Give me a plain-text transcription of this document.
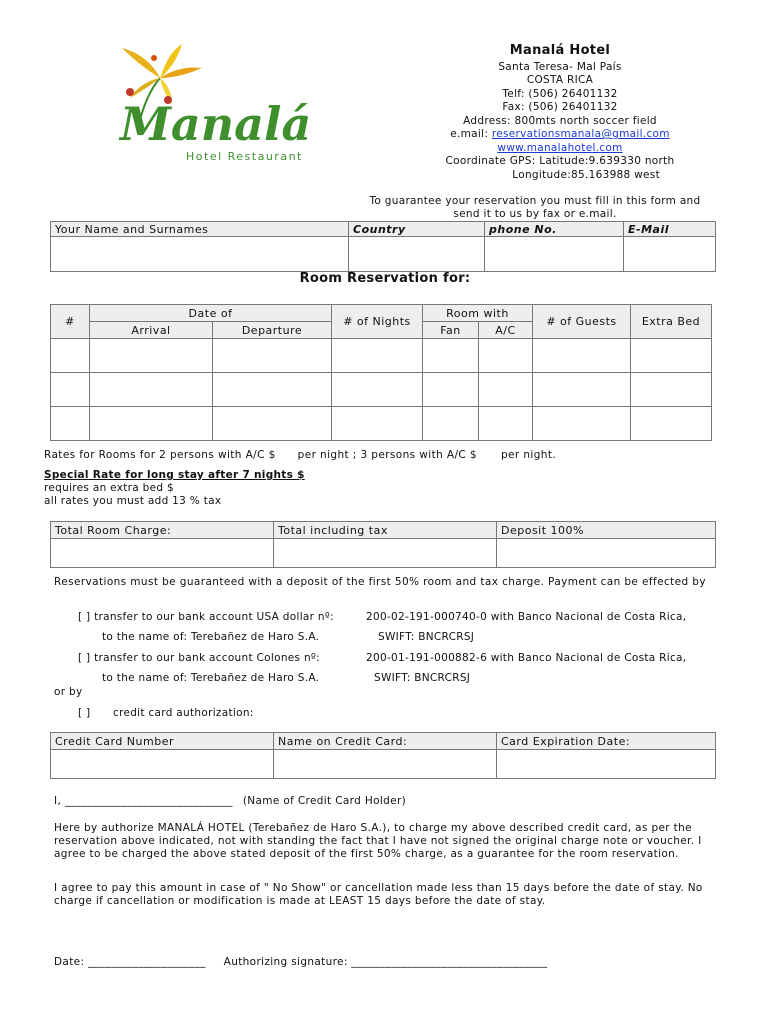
Manalá
Hotel Restaurant
Manalá Hotel
Santa Teresa- Mal País
COSTA RICA
Telf: (506) 26401132
Fax: (506) 26401132
Address: 800mts north soccer field
e.mail: reservationsmanala@gmail.com
www.manalahotel.com
Coordinate GPS: Latitude:9.639330 north
Longitude:85.163988 west
To guarantee your reservation you must fill in this form and
send it to us by fax or e.mail.
Your Name and Surnames	Country	phone No.	E-Mail

Room Reservation for:
#	Date of		# of Nights	Room with		# of Guests	Extra Bed
	Arrival	Departure		Fan	A/C		

Rates for Rooms for 2 persons with A/C $ per night ; 3 persons with A/C $ per night.
Special Rate for long stay after 7 nights $
requires an extra bed $
all rates you must add 13 % tax
Total Room Charge:	Total including tax	Deposit 100%

Reservations must be guaranteed with a deposit of the first 50% room and tax charge. Payment can be effected by
[ ] transfer to our bank account USA dollar nº:	200-02-191-000740-0 with Banco Nacional de Costa Rica,
to the name of: Terebañez de Haro S.A.	SWIFT: BNCRCRSJ
[ ] transfer to our bank account Colones nº:	200-01-191-000882-6 with Banco Nacional de Costa Rica,
to the name of: Terebañez de Haro S.A.	SWIFT: BNCRCRSJ
or by
[ ] credit card authorization:
Credit Card Number	Name on Credit Card:	Card Expiration Date:

I, ______________________________ (Name of Credit Card Holder)
Here by authorize MANALÁ HOTEL (Terebañez de Haro S.A.), to charge my above described credit card, as per the reservation above indicated, not with standing the fact that I have not signed the original charge note or voucher. I agree to be charged the above stated deposit of the first 50% charge, as a guarantee for the room reservation.
I agree to pay this amount in case of " No Show" or cancellation made less than 15 days before the date of stay. No charge if cancellation or modification is made at LEAST 15 days before the date of stay.
Date: _____________________ Authorizing signature: ___________________________________
